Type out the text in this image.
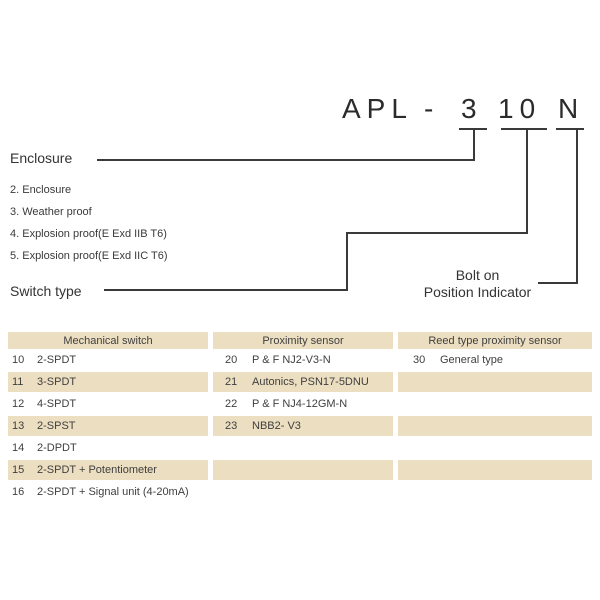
APL - 3 10 N
Enclosure
2. Enclosure
3. Weather proof
4. Explosion proof(E Exd IIB T6)
5. Explosion proof(E Exd IIC T6)
Switch type
Bolt on
Position Indicator
Mechanical switch	Proximity sensor	Reed type proximity sensor
10	2-SPDT	20	P & F NJ2-V3-N	30	General type
11	3-SPDT	21	Autonics, PSN17-5DNU
12	4-SPDT	22	P & F NJ4-12GM-N
13	2-SPST	23	NBB2- V3
14	2-DPDT
15	2-SPDT + Potentiometer
16	2-SPDT + Signal unit (4-20mA)
